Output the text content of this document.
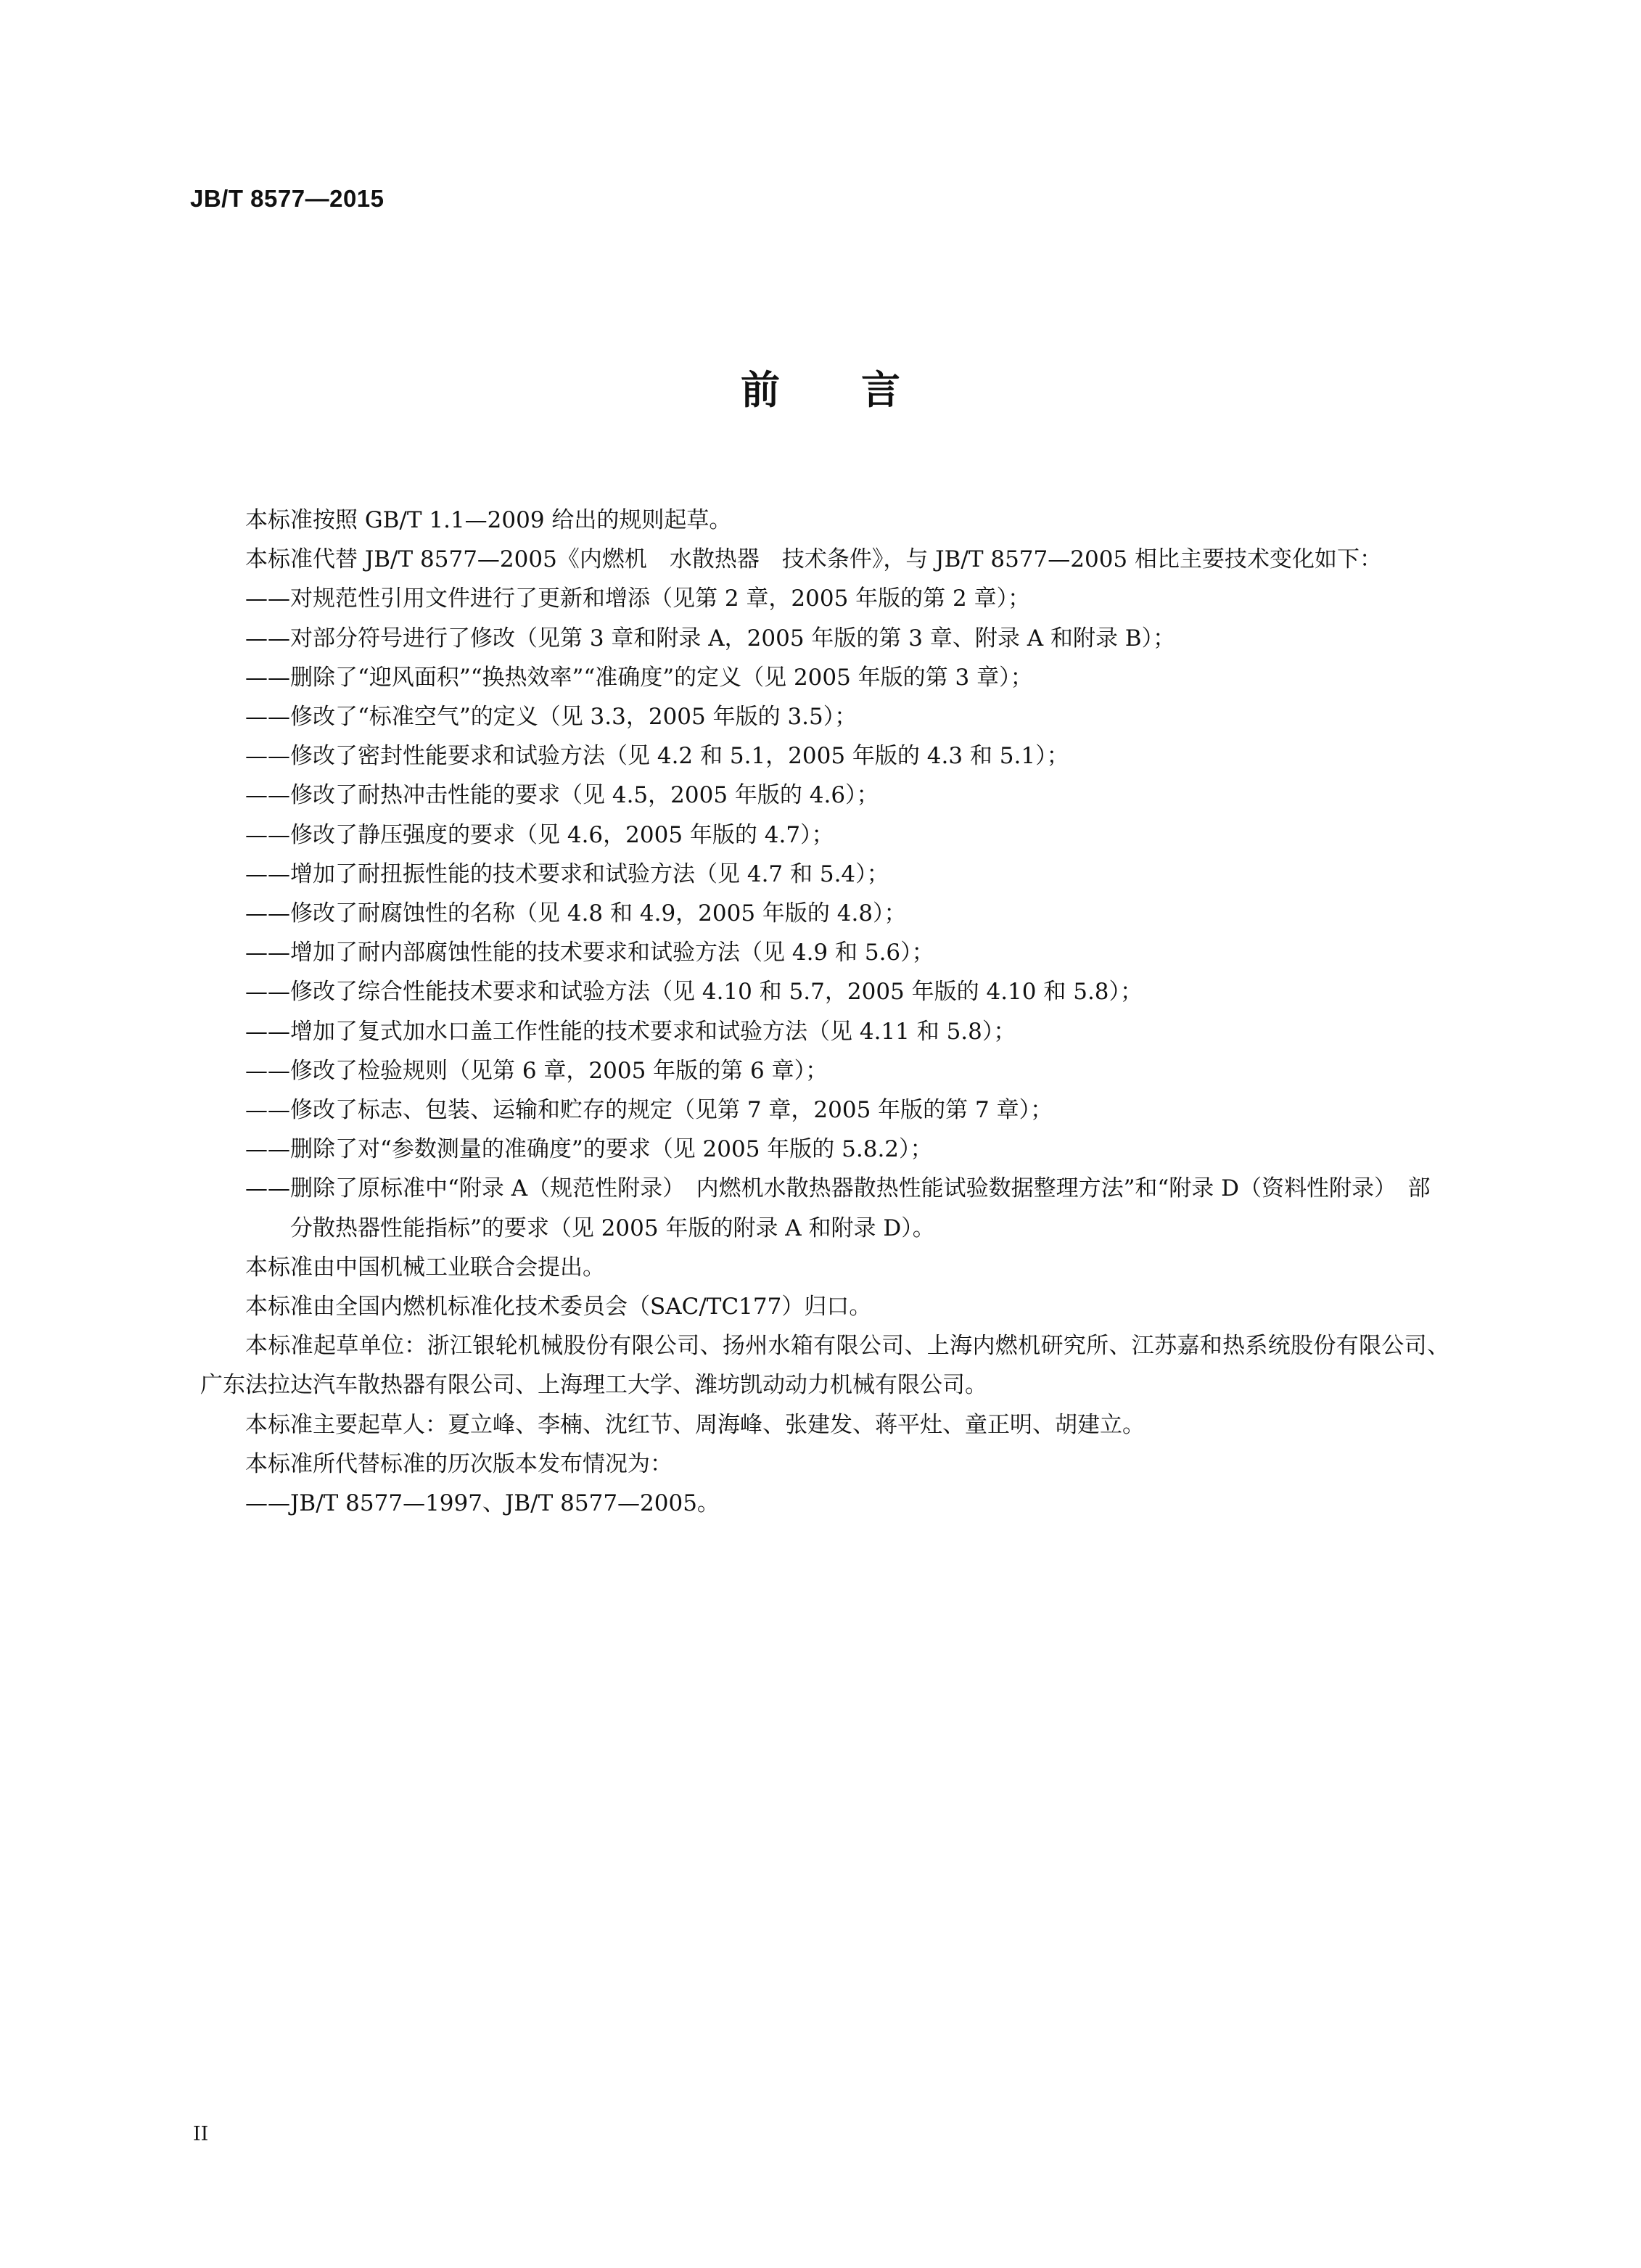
JB/T 8577—2015
前言
本标准按照 GB/T 1.1—2009 给出的规则起草。
本标准代替 JB/T 8577—2005《内燃机　水散热器　技术条件》，与 JB/T 8577—2005 相比主要技术变化如下：
——对规范性引用文件进行了更新和增添（见第 2 章，2005 年版的第 2 章）；
——对部分符号进行了修改（见第 3 章和附录 A，2005 年版的第 3 章、附录 A 和附录 B）；
——删除了“迎风面积”“换热效率”“准确度”的定义（见 2005 年版的第 3 章）；
——修改了“标准空气”的定义（见 3.3，2005 年版的 3.5）；
——修改了密封性能要求和试验方法（见 4.2 和 5.1，2005 年版的 4.3 和 5.1）；
——修改了耐热冲击性能的要求（见 4.5，2005 年版的 4.6）；
——修改了静压强度的要求（见 4.6，2005 年版的 4.7）；
——增加了耐扭振性能的技术要求和试验方法（见 4.7 和 5.4）；
——修改了耐腐蚀性的名称（见 4.8 和 4.9，2005 年版的 4.8）；
——增加了耐内部腐蚀性能的技术要求和试验方法（见 4.9 和 5.6）；
——修改了综合性能技术要求和试验方法（见 4.10 和 5.7，2005 年版的 4.10 和 5.8）；
——增加了复式加水口盖工作性能的技术要求和试验方法（见 4.11 和 5.8）；
——修改了检验规则（见第 6 章，2005 年版的第 6 章）；
——修改了标志、包装、运输和贮存的规定（见第 7 章，2005 年版的第 7 章）；
——删除了对“参数测量的准确度”的要求（见 2005 年版的 5.8.2）；
——删除了原标准中“附录 A（规范性附录）　内燃机水散热器散热性能试验数据整理方法”和“附录 D（资料性附录）　部分散热器性能指标”的要求（见 2005 年版的附录 A 和附录 D）。
本标准由中国机械工业联合会提出。
本标准由全国内燃机标准化技术委员会（SAC/TC177）归口。
本标准起草单位：浙江银轮机械股份有限公司、扬州水箱有限公司、上海内燃机研究所、江苏嘉和热系统股份有限公司、广东法拉达汽车散热器有限公司、上海理工大学、潍坊凯动动力机械有限公司。
本标准主要起草人：夏立峰、李楠、沈红节、周海峰、张建发、蒋平灶、童正明、胡建立。
本标准所代替标准的历次版本发布情况为：
——JB/T 8577—1997、JB/T 8577—2005。
II
